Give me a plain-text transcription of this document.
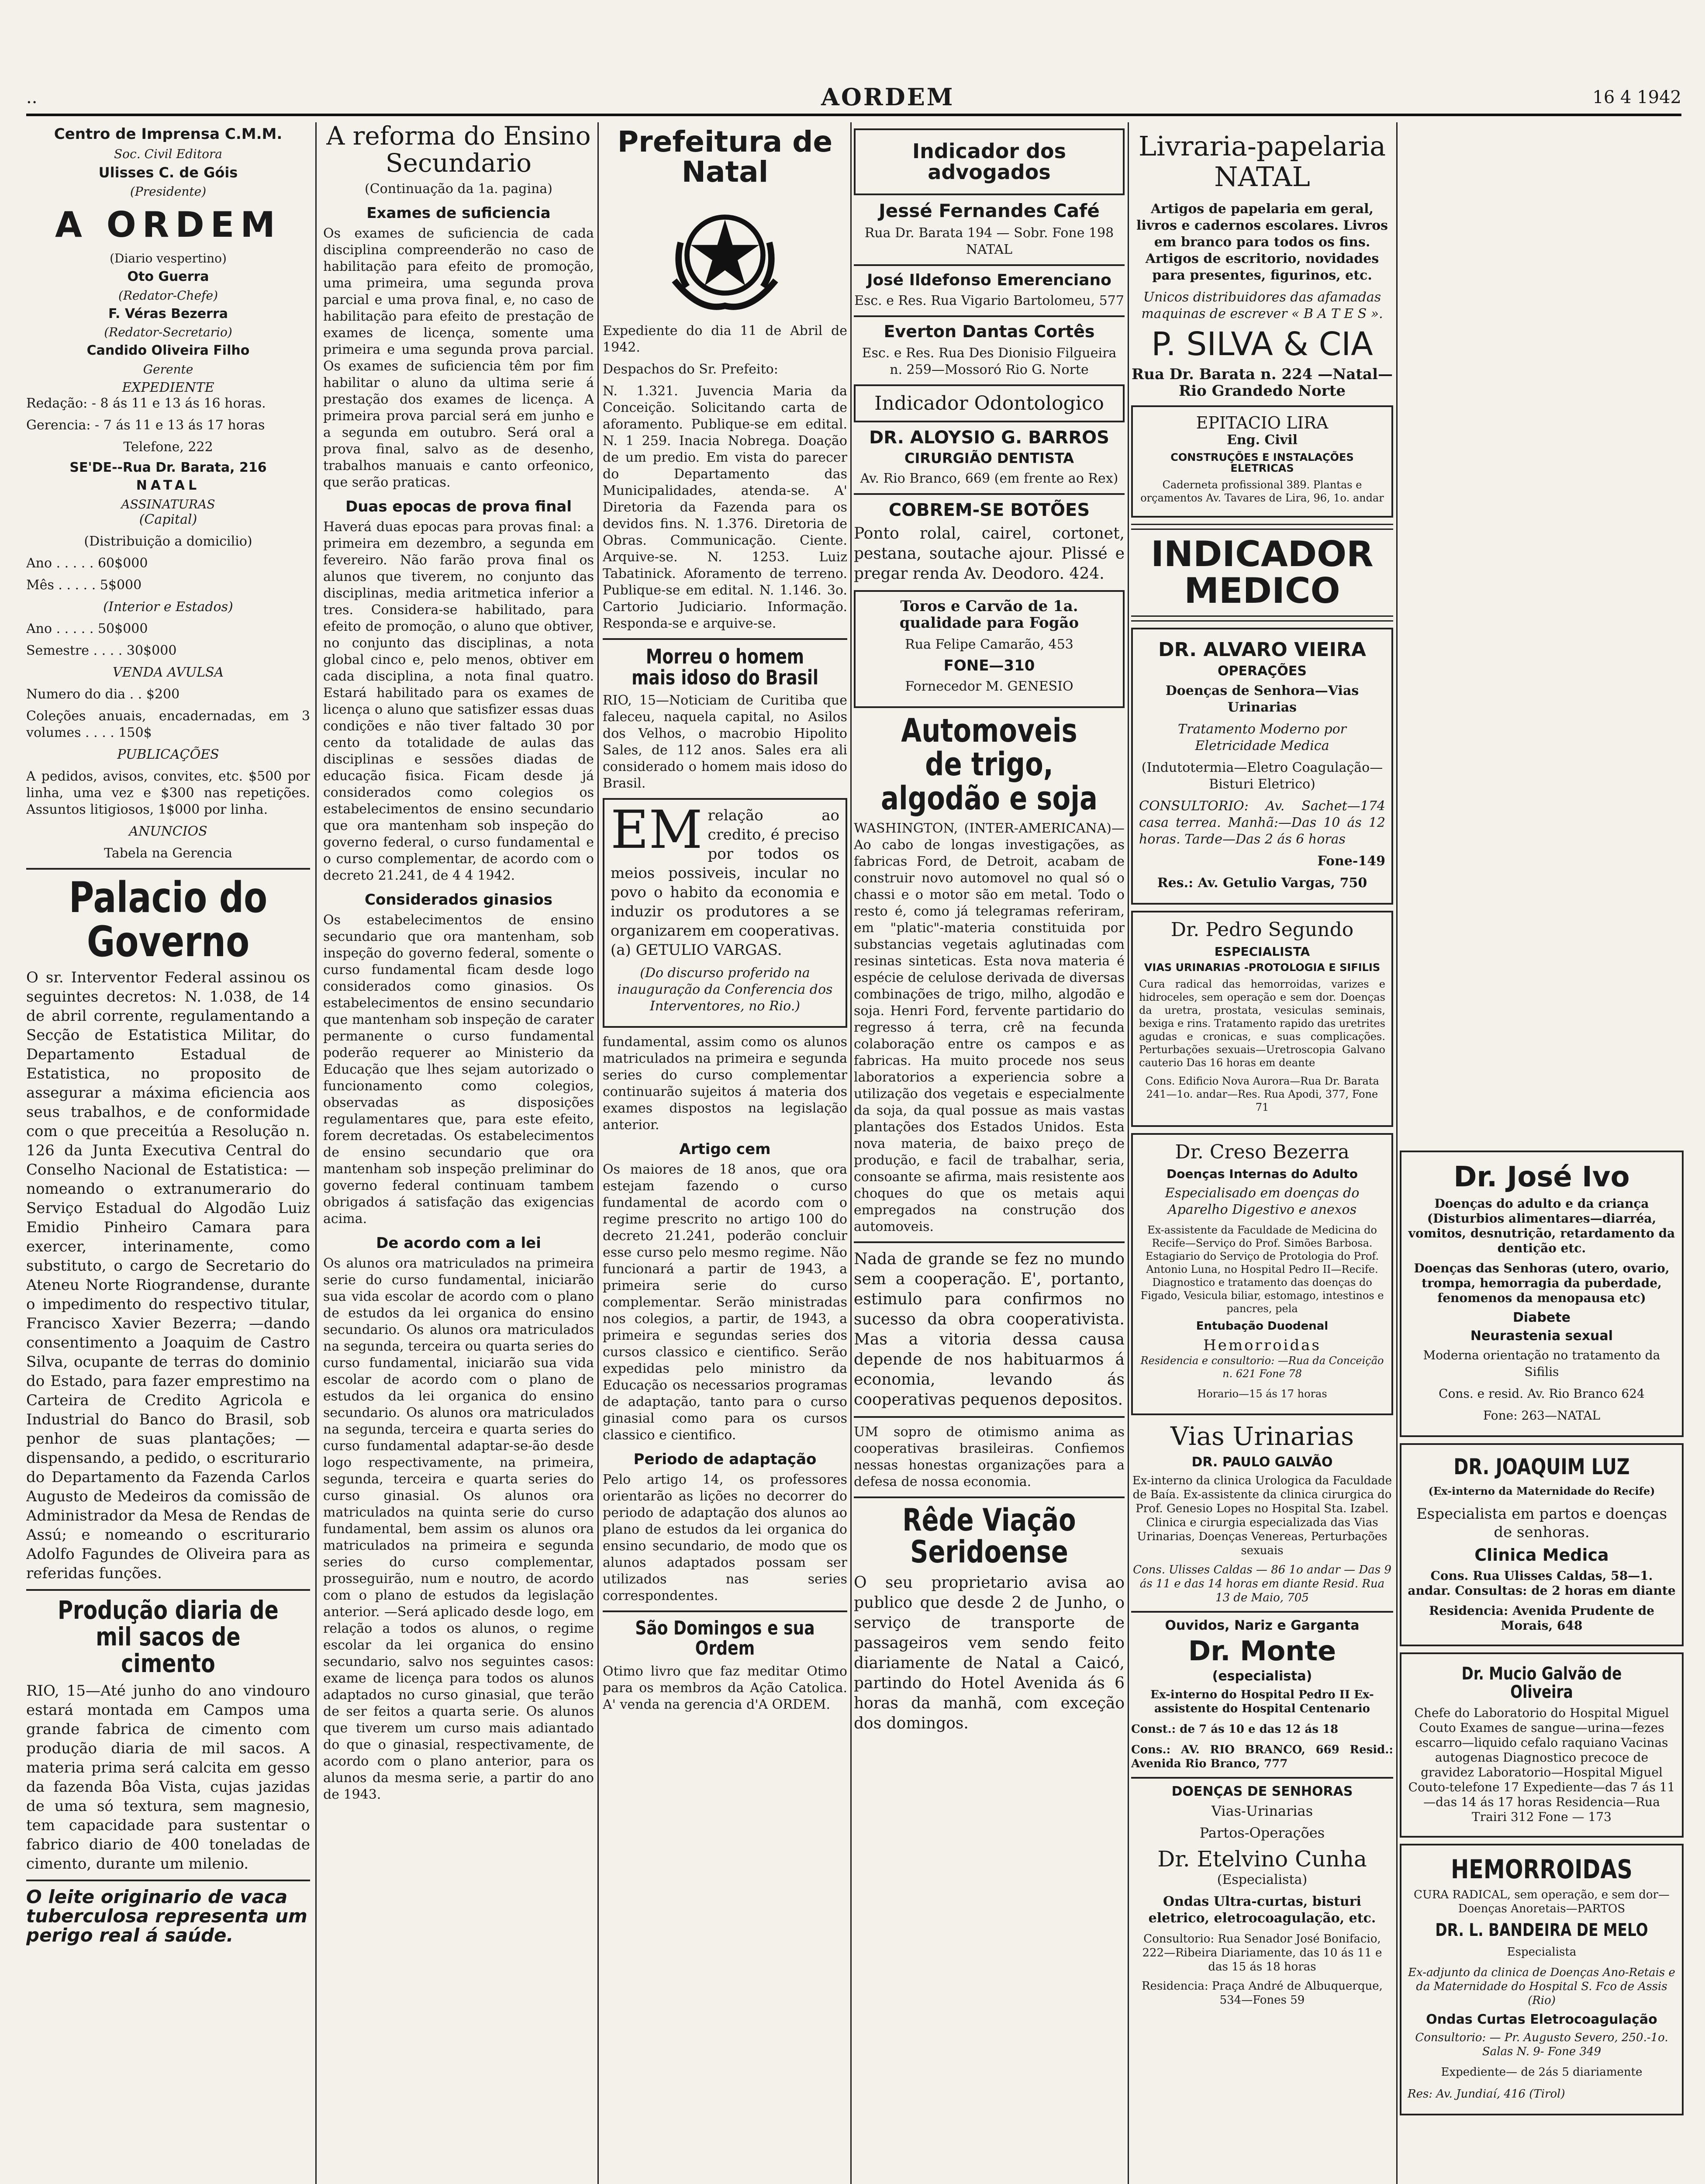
..	AORDEM	16 4 1942
Centro de Imprensa C.M.M.
Soc. Civil Editora
Ulisses C. de Góis
(Presidente)
A ORDEM
(Diario vespertino)
Oto Guerra
(Redator-Chefe)
F. Véras Bezerra
(Redator-Secretario)
Candido Oliveira Filho
Gerente
EXPEDIENTE

Redação: - 8 ás 11 e 13 ás 16 horas.

Gerencia: - 7 ás 11 e 13 ás 17 horas

Telefone, 222

SE'DE--Rua Dr. Barata, 216
NATAL
ASSINATURAS

(Capital)

(Distribuição a domicilio)

Ano . . . . . 60$000

Mês . . . . . 5$000

(Interior e Estados)

Ano . . . . . 50$000

Semestre . . . . 30$000

VENDA AVULSA

Numero do dia . . $200

Coleções anuais, encadernadas, em 3 volumes . . . . 150$

PUBLICAÇÕES

A pedidos, avisos, convites, etc. $500 por linha, uma vez e $300 nas repetições. Assuntos litigiosos, 1$000 por linha.

ANUNCIOS

Tabela na Gerencia

Palacio do Governo

O sr. Interventor Federal assinou os seguintes decretos: N. 1.038, de 14 de abril corrente, regulamentando a Secção de Estatistica Militar, do Departamento Estadual de Estatistica, no proposito de assegurar a máxima eficiencia aos seus trabalhos, e de conformidade com o que preceitúa a Resolução n. 126 da Junta Executiva Central do Conselho Nacional de Estatistica: —nomeando o extranumerario do Serviço Estadual do Algodão Luiz Emidio Pinheiro Camara para exercer, interinamente, como substituto, o cargo de Secretario do Ateneu Norte Riograndense, durante o impedimento do respectivo titular, Francisco Xavier Bezerra; —dando consentimento a Joaquim de Castro Silva, ocupante de terras do dominio do Estado, para fazer emprestimo na Carteira de Credito Agricola e Industrial do Banco do Brasil, sob penhor de suas plantações; —dispensando, a pedido, o escriturario do Departamento da Fazenda Carlos Augusto de Medeiros da comissão de Administrador da Mesa de Rendas de Assú; e nomeando o escriturario Adolfo Fagundes de Oliveira para as referidas funções.

Produção diaria de mil sacos de cimento

RIO, 15—Até junho do ano vindouro estará montada em Campos uma grande fabrica de cimento com produção diaria de mil sacos. A materia prima será calcita em gesso da fazenda Bôa Vista, cujas jazidas de uma só textura, sem magnesio, tem capacidade para sustentar o fabrico diario de 400 toneladas de cimento, durante um milenio.

O leite originario de vaca tuberculosa representa um perigo real á saúde.
A reforma do Ensino Secundario

(Continuação da 1a. pagina)

Exames de suficiencia

Os exames de suficiencia de cada disciplina compreenderão no caso de habilitação para efeito de promoção, uma primeira, uma segunda prova parcial e uma prova final, e, no caso de habilitação para efeito de prestação de exames de licença, somente uma primeira e uma segunda prova parcial. Os exames de suficiencia têm por fim habilitar o aluno da ultima serie á prestação dos exames de licença. A primeira prova parcial será em junho e a segunda em outubro. Será oral a prova final, salvo as de desenho, trabalhos manuais e canto orfeonico, que serão praticas.

Duas epocas de prova final

Haverá duas epocas para provas final: a primeira em dezembro, a segunda em fevereiro. Não farão prova final os alunos que tiverem, no conjunto das disciplinas, media aritmetica inferior a tres. Considera-se habilitado, para efeito de promoção, o aluno que obtiver, no conjunto das disciplinas, a nota global cinco e, pelo menos, obtiver em cada disciplina, a nota final quatro. Estará habilitado para os exames de licença o aluno que satisfizer essas duas condições e não tiver faltado 30 por cento da totalidade de aulas das disciplinas e sessões diadas de educação fisica. Ficam desde já considerados como colegios os estabelecimentos de ensino secundario que ora mantenham sob inspeção do governo federal, o curso fundamental e o curso complementar, de acordo com o decreto 21.241, de 4 4 1942.

Considerados ginasios

Os estabelecimentos de ensino secundario que ora mantenham, sob inspeção do governo federal, somente o curso fundamental ficam desde logo considerados como ginasios. Os estabelecimentos de ensino secundario que mantenham sob inspeção de carater permanente o curso fundamental poderão requerer ao Ministerio da Educação que lhes sejam autorizado o funcionamento como colegios, observadas as disposições regulamentares que, para este efeito, forem decretadas. Os estabelecimentos de ensino secundario que ora mantenham sob inspeção preliminar do governo federal continuam tambem obrigados á satisfação das exigencias acima.

De acordo com a lei

Os alunos ora matriculados na primeira serie do curso fundamental, iniciarão sua vida escolar de acordo com o plano de estudos da lei organica do ensino secundario. Os alunos ora matriculados na segunda, terceira ou quarta series do curso fundamental, iniciarão sua vida escolar de acordo com o plano de estudos da lei organica do ensino secundario. Os alunos ora matriculados na segunda, terceira e quarta series do curso fundamental adaptar-se-ão desde logo respectivamente, na primeira, segunda, terceira e quarta series do curso ginasial. Os alunos ora matriculados na quinta serie do curso fundamental, bem assim os alunos ora matriculados na primeira e segunda series do curso complementar, prosseguirão, num e noutro, de acordo com o plano de estudos da legislação anterior. —Será aplicado desde logo, em relação a todos os alunos, o regime escolar da lei organica do ensino secundario, salvo nos seguintes casos: exame de licença para todos os alunos adaptados no curso ginasial, que terão de ser feitos a quarta serie. Os alunos que tiverem um curso mais adiantado do que o ginasial, respectivamente, de acordo com o plano anterior, para os alunos da mesma serie, a partir do ano de 1943.

Prefeitura de Natal

Expediente do dia 11 de Abril de 1942.

Despachos do Sr. Prefeito:

N. 1.321. Juvencia Maria da Conceição. Solicitando carta de aforamento. Publique-se em edital. N. 1 259. Inacia Nobrega. Doação de um predio. Em vista do parecer do Departamento das Municipalidades, atenda-se. A' Diretoria da Fazenda para os devidos fins. N. 1.376. Diretoria de Obras. Communicação. Ciente. Arquive-se. N. 1253. Luiz Tabatinick. Aforamento de terreno. Publique-se em edital. N. 1.146. 3o. Cartorio Judiciario. Informação. Responda-se e arquive-se.

Morreu o homem mais idoso do Brasil

RIO, 15—Noticiam de Curitiba que faleceu, naquela capital, no Asilos dos Velhos, o macrobio Hipolito Sales, de 112 anos. Sales era ali considerado o homem mais idoso do Brasil.

EM relação ao credito, é preciso por todos os meios possiveis, incular no povo o habito da economia e induzir os produtores a se organizarem em cooperativas. (a) GETULIO VARGAS.

(Do discurso proferido na inauguração da Conferencia dos Interventores, no Rio.)

fundamental, assim como os alunos matriculados na primeira e segunda series do curso complementar continuarão sujeitos á materia dos exames dispostos na legislação anterior.

Artigo cem

Os maiores de 18 anos, que ora estejam fazendo o curso fundamental de acordo com o regime prescrito no artigo 100 do decreto 21.241, poderão concluir esse curso pelo mesmo regime. Não funcionará a partir de 1943, a primeira serie do curso complementar. Serão ministradas nos colegios, a partir, de 1943, a primeira e segundas series dos cursos classico e cientifico. Serão expedidas pelo ministro da Educação os necessarios programas de adaptação, tanto para o curso ginasial como para os cursos classico e cientifico.

Periodo de adaptação

Pelo artigo 14, os professores orientarão as lições no decorrer do periodo de adaptação dos alunos ao plano de estudos da lei organica do ensino secundario, de modo que os alunos adaptados possam ser utilizados nas series correspondentes.

São Domingos e sua Ordem

Otimo livro que faz meditar Otimo para os membros da Ação Catolica. A' venda na gerencia d'A ORDEM.

Indicador dos advogados
Jessé Fernandes Café

Rua Dr. Barata 194 — Sobr. Fone 198 NATAL

José Ildefonso Emerenciano

Esc. e Res. Rua Vigario Bartolomeu, 577

Everton Dantas Cortês

Esc. e Res. Rua Des Dionisio Filgueira n. 259—Mossoró Rio G. Norte

Indicador Odontologico
DR. ALOYSIO G. BARROS
CIRURGIÃO DENTISTA

Av. Rio Branco, 669 (em frente ao Rex)

COBREM-SE BOTÕES

Ponto rolal, cairel, cortonet, pestana, soutache ajour. Plissé e pregar renda Av. Deodoro. 424.

Toros e Carvão de 1a. qualidade para Fogão

Rua Felipe Camarão, 453

FONE—310

Fornecedor M. GENESIO

Automoveis de trigo, algodão e soja

WASHINGTON, (INTER-AMERICANA)—Ao cabo de longas investigações, as fabricas Ford, de Detroit, acabam de construir novo automovel no qual só o chassi e o motor são em metal. Todo o resto é, como já telegramas referiram, em "platic"-materia constituida por substancias vegetais aglutinadas com resinas sinteticas. Esta nova materia é espécie de celulose derivada de diversas combinações de trigo, milho, algodão e soja. Henri Ford, fervente partidario do regresso á terra, crê na fecunda colaboração entre os campos e as fabricas. Ha muito procede nos seus laboratorios a experiencia sobre a utilização dos vegetais e especialmente da soja, da qual possue as mais vastas plantações dos Estados Unidos. Esta nova materia, de baixo preço de produção, e facil de trabalhar, seria, consoante se afirma, mais resistente aos choques do que os metais aqui empregados na construção dos automoveis.

Nada de grande se fez no mundo sem a cooperação. E', portanto, estimulo para confirmos no sucesso da obra cooperativista. Mas a vitoria dessa causa depende de nos habituarmos á economia, levando ás cooperativas pequenos depositos.

UM sopro de otimismo anima as cooperativas brasileiras. Confiemos nessas honestas organizações para a defesa de nossa economia.

Rêde Viação Seridoense

O seu proprietario avisa ao publico que desde 2 de Junho, o serviço de transporte de passageiros vem sendo feito diariamente de Natal a Caicó, partindo do Hotel Avenida ás 6 horas da manhã, com exceção dos domingos.

Livraria-papelaria NATAL

Artigos de papelaria em geral, livros e cadernos escolares. Livros em branco para todos os fins. Artigos de escritorio, novidades para presentes, figurinos, etc.

Unicos distribuidores das afamadas maquinas de escrever « B A T E S ».

P. SILVA & CIA

Rua Dr. Barata n. 224 —Natal—Rio Grandedo Norte

EPITACIO LIRA
Eng. Civil
CONSTRUÇÕES E INSTALAÇÕES ELETRICAS

Caderneta profissional 389. Plantas e orçamentos Av. Tavares de Lira, 96, 1o. andar

INDICADOR MEDICO
DR. ALVARO VIEIRA
OPERAÇÕES

Doenças de Senhora—Vias Urinarias

Tratamento Moderno por Eletricidade Medica

(Indutotermia—Eletro Coagulação—Bisturi Eletrico)

CONSULTORIO: Av. Sachet—174 casa terrea. Manhã:—Das 10 ás 12 horas. Tarde—Das 2 ás 6 horas

Fone-149

Res.: Av. Getulio Vargas, 750

Dr. Pedro Segundo
ESPECIALISTA
VIAS URINARIAS -PROTOLOGIA E SIFILIS

Cura radical das hemorroidas, varizes e hidroceles, sem operação e sem dor. Doenças da uretra, prostata, vesiculas seminais, bexiga e rins. Tratamento rapido das uretrites agudas e cronicas, e suas complicações. Perturbações sexuais—Uretroscopia Galvano cauterio Das 16 horas em deante

Cons. Edificio Nova Aurora—Rua Dr. Barata 241—1o. andar—Res. Rua Apodi, 377, Fone 71

Dr. Creso Bezerra
Doenças Internas do Adulto

Especialisado em doenças do Aparelho Digestivo e anexos

Ex-assistente da Faculdade de Medicina do Recife—Serviço do Prof. Simões Barbosa. Estagiario do Serviço de Protologia do Prof. Antonio Luna, no Hospital Pedro II—Recife. Diagnostico e tratamento das doenças do Figado, Vesicula biliar, estomago, intestinos e pancres, pela

Entubação Duodenal
Hemorroidas

Residencia e consultorio: —Rua da Conceição n. 621 Fone 78

Horario—15 ás 17 horas

Vias Urinarias
DR. PAULO GALVÃO

Ex-interno da clinica Urologica da Faculdade de Baía. Ex-assistente da clinica cirurgica do Prof. Genesio Lopes no Hospital Sta. Izabel. Clinica e cirurgia especializada das Vias Urinarias, Doenças Venereas, Perturbações sexuais

Cons. Ulisses Caldas — 86 1o andar — Das 9 ás 11 e das 14 horas em diante Resid. Rua 13 de Maio, 705

Ouvidos, Nariz e Garganta
Dr. Monte
(especialista)

Ex-interno do Hospital Pedro II Ex-assistente do Hospital Centenario

Const.: de 7 ás 10 e das 12 ás 18

Cons.: AV. RIO BRANCO, 669 Resid.: Avenida Rio Branco, 777

DOENÇAS DE SENHORAS

Vias-Urinarias

Partos-Operações

Dr. Etelvino Cunha

(Especialista)

Ondas Ultra-curtas, bisturi eletrico, eletrocoagulação, etc.

Consultorio: Rua Senador José Bonifacio, 222—Ribeira Diariamente, das 10 ás 11 e das 15 ás 18 horas

Residencia: Praça André de Albuquerque, 534—Fones 59

Dr. José Ivo

Doenças do adulto e da criança (Disturbios alimentares—diarréa, vomitos, desnutrição, retardamento da dentição etc.

Doenças das Senhoras (utero, ovario, trompa, hemorragia da puberdade, fenomenos da menopausa etc)

Diabete
Neurastenia sexual

Moderna orientação no tratamento da Sifilis

Cons. e resid. Av. Rio Branco 624

Fone: 263—NATAL

DR. JOAQUIM LUZ

(Ex-interno da Maternidade do Recife)

Especialista em partos e doenças de senhoras.

Clinica Medica

Cons. Rua Ulisses Caldas, 58—1. andar. Consultas: de 2 horas em diante

Residencia: Avenida Prudente de Morais, 648

Dr. Mucio Galvão de Oliveira

Chefe do Laboratorio do Hospital Miguel Couto Exames de sangue—urina—fezes escarro—liquido cefalo raquiano Vacinas autogenas Diagnostico precoce de gravidez Laboratorio—Hospital Miguel Couto-telefone 17 Expediente—das 7 ás 11—das 14 ás 17 horas Residencia—Rua Trairi 312 Fone — 173

HEMORROIDAS

CURA RADICAL, sem operação, e sem dor— Doenças Anoretais—PARTOS

DR. L. BANDEIRA DE MELO

Especialista

Ex-adjunto da clinica de Doenças Ano-Retais e da Maternidade do Hospital S. Fco de Assis (Rio)

Ondas Curtas Eletrocoagulação

Consultorio: — Pr. Augusto Severo, 250.-1o. Salas N. 9- Fone 349

Expediente— de 2ás 5 diariamente

Res: Av. Jundiaí, 416 (Tirol)
